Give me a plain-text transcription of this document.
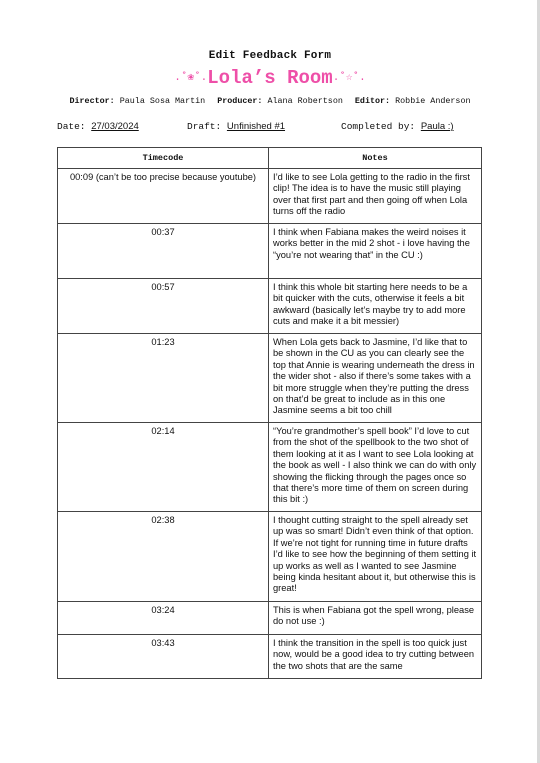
Edit Feedback Form
.˚❀˚.Lola’s Room.˚☆˚.
Director: Paula Sosa Martin Producer: Alana Robertson Editor: Robbie Anderson
Date: 27/03/2024	Draft: Unfinished #1	Completed by: Paula :)
Timecode	Notes
00:09 (can’t be too precise because youtube)	I’d like to see Lola getting to the radio in the first clip! The idea is to have the music still playing over that first part and then going off when Lola turns off the radio
00:37	I think when Fabiana makes the weird noises it works better in the mid 2 shot - i love having the “you’re not wearing that” in the CU :)
00:57	I think this whole bit starting here needs to be a bit quicker with the cuts, otherwise it feels a bit awkward (basically let’s maybe try to add more cuts and make it a bit messier)
01:23	When Lola gets back to Jasmine, I’d like that to be shown in the CU as you can clearly see the top that Annie is wearing underneath the dress in the wider shot - also if there’s some takes with a bit more struggle when they’re putting the dress on that’d be great to include as in this one Jasmine seems a bit too chill
02:14	“You’re grandmother’s spell book” I’d love to cut from the shot of the spellbook to the two shot of them looking at it as I want to see Lola looking at the book as well - I also think we can do with only showing the flicking through the pages once so that there’s more time of them on screen during this bit :)
02:38	I thought cutting straight to the spell already set up was so smart! Didn’t even think of that option. If we’re not tight for running time in future drafts I’d like to see how the beginning of them setting it up works as well as I wanted to see Jasmine being kinda hesitant about it, but otherwise this is great!
03:24	This is when Fabiana got the spell wrong, please do not use :)
03:43	I think the transition in the spell is too quick just now, would be a good idea to try cutting between the two shots that are the same
